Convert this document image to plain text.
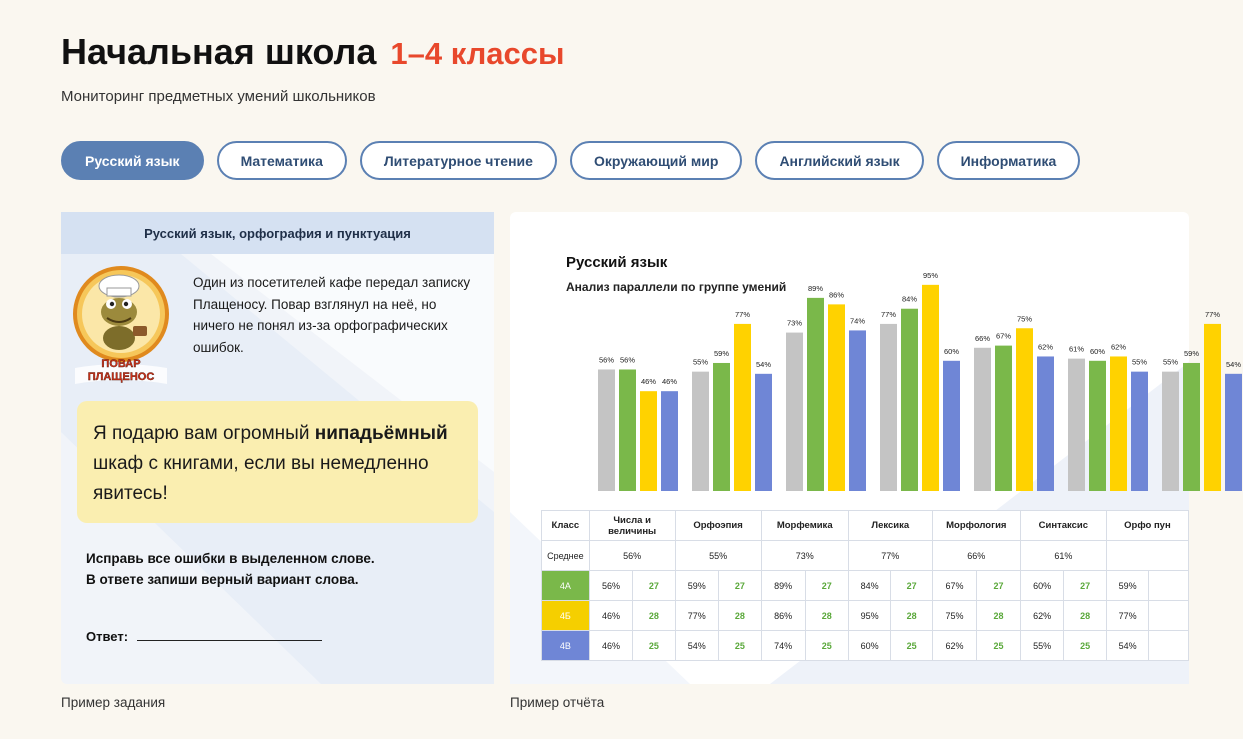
Начальная школа 1–4 классы
Мониторинг предметных умений школьников
Русский язык	Математика	Литературное чтение	Окружающий мир	Английский язык	Информатика
Русский язык, орфография и пунктуация
ПОВАР
ПЛАЩЕНОС
Один из посетителей кафе передал записку Плащеносу. Повар взглянул на неё, но ничего не понял из-за орфографических ошибок.
Я подарю вам огромный нипадьёмный шкаф с книгами, если вы немедленно явитесь!
Исправь все ошибки в выделенном слове.
В ответе запиши верный вариант слова.
Ответ:
Пример задания
Русский язык
Анализ параллели по группе умений
56% 56%
46% 46%
55%
59%
77%
54%
73%
89%
86%
74%
77%
84%
95%
60%
66% 67%
75%
62% 61% 60% 62%
55% 55%
59%
77%
54%
Класс	Числа и величины		Орфоэпия		Морфемика		Лексика		Морфология		Синтаксис		Орфо пун	
Среднее	56%		55%		73%		77%		66%		61%			
4А	56%	27	59%	27	89%	27	84%	27	67%	27	60%	27	59%	
4Б	46%	28	77%	28	86%	28	95%	28	75%	28	62%	28	77%	
4В	46%	25	54%	25	74%	25	60%	25	62%	25	55%	25	54%	
Пример отчёта
